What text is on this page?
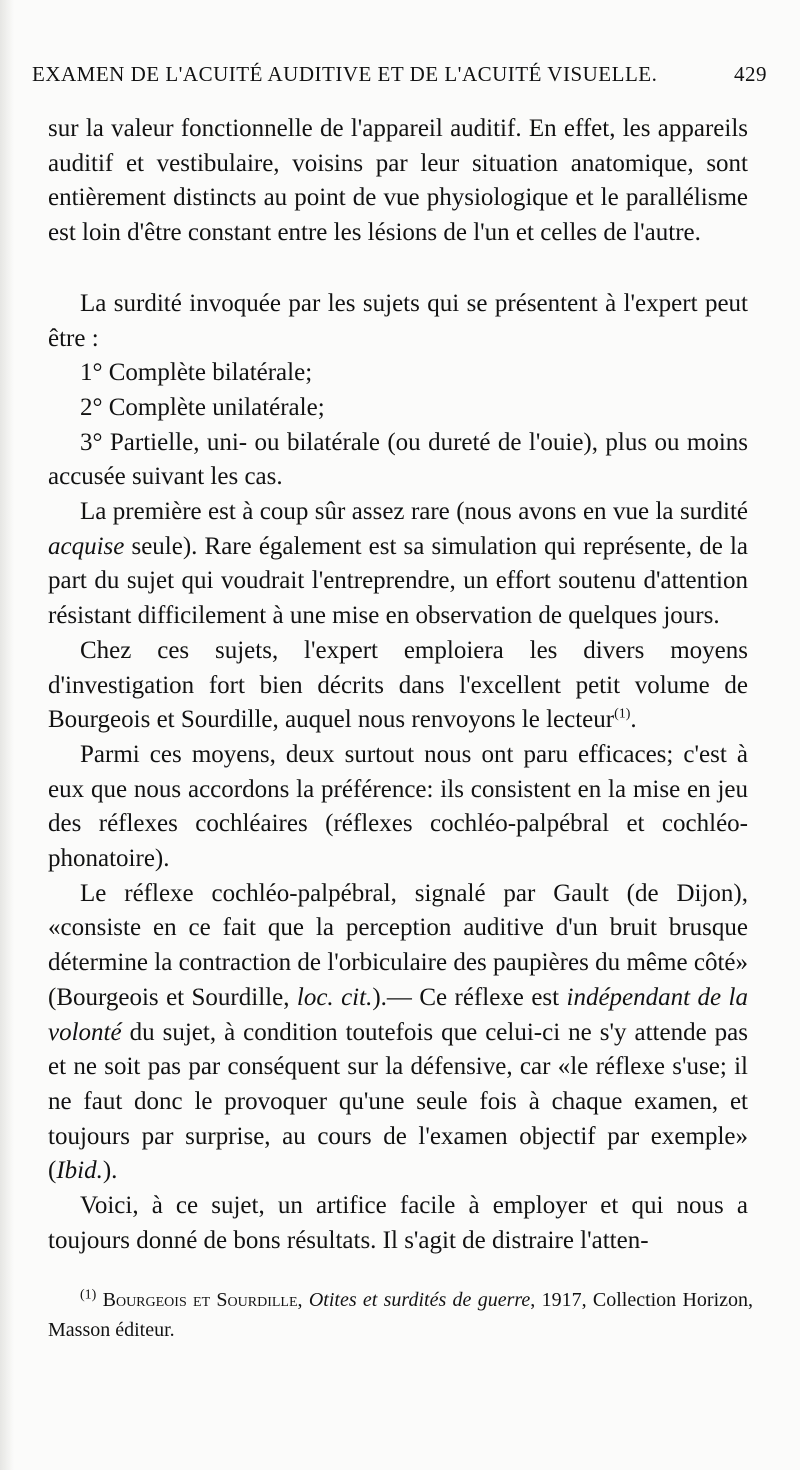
EXAMEN DE L'ACUITÉ AUDITIVE ET DE L'ACUITÉ VISUELLE.	429

sur la valeur fonctionnelle de l'appareil auditif. En effet, les appareils auditif et vestibulaire, voisins par leur situation anatomique, sont entièrement distincts au point de vue physiologique et le parallélisme est loin d'être constant entre les lésions de l'un et celles de l'autre.

La surdité invoquée par les sujets qui se présentent à l'expert peut être :

1° Complète bilatérale;

2° Complète unilatérale;

3° Partielle, uni- ou bilatérale (ou dureté de l'ouie), plus ou moins accusée suivant les cas.

La première est à coup sûr assez rare (nous avons en vue la surdité acquise seule). Rare également est sa simulation qui représente, de la part du sujet qui voudrait l'entreprendre, un effort soutenu d'attention résistant difficilement à une mise en observation de quelques jours.

Chez ces sujets, l'expert emploiera les divers moyens d'investigation fort bien décrits dans l'excellent petit volume de Bourgeois et Sourdille, auquel nous renvoyons le lecteur$^{(1)}$.

Parmi ces moyens, deux surtout nous ont paru efficaces; c'est à eux que nous accordons la préférence: ils consistent en la mise en jeu des réflexes cochléaires (réflexes cochléo-palpébral et cochléo-phonatoire).

Le réflexe cochléo-palpébral, signalé par Gault (de Dijon), «consiste en ce fait que la perception auditive d'un bruit brusque détermine la contraction de l'orbiculaire des paupières du même côté» (Bourgeois et Sourdille, loc. cit.).— Ce réflexe est indépendant de la volonté du sujet, à condition toutefois que celui-ci ne s'y attende pas et ne soit pas par conséquent sur la défensive, car «le réflexe s'use; il ne faut donc le provoquer qu'une seule fois à chaque examen, et toujours par surprise, au cours de l'examen objectif par exemple» (Ibid.).

Voici, à ce sujet, un artifice facile à employer et qui nous a toujours donné de bons résultats. Il s'agit de distraire l'atten-

$^{(1)}$ Bourgeois et Sourdille, Otites et surdités de guerre, 1917, Collection Horizon, Masson éditeur.
